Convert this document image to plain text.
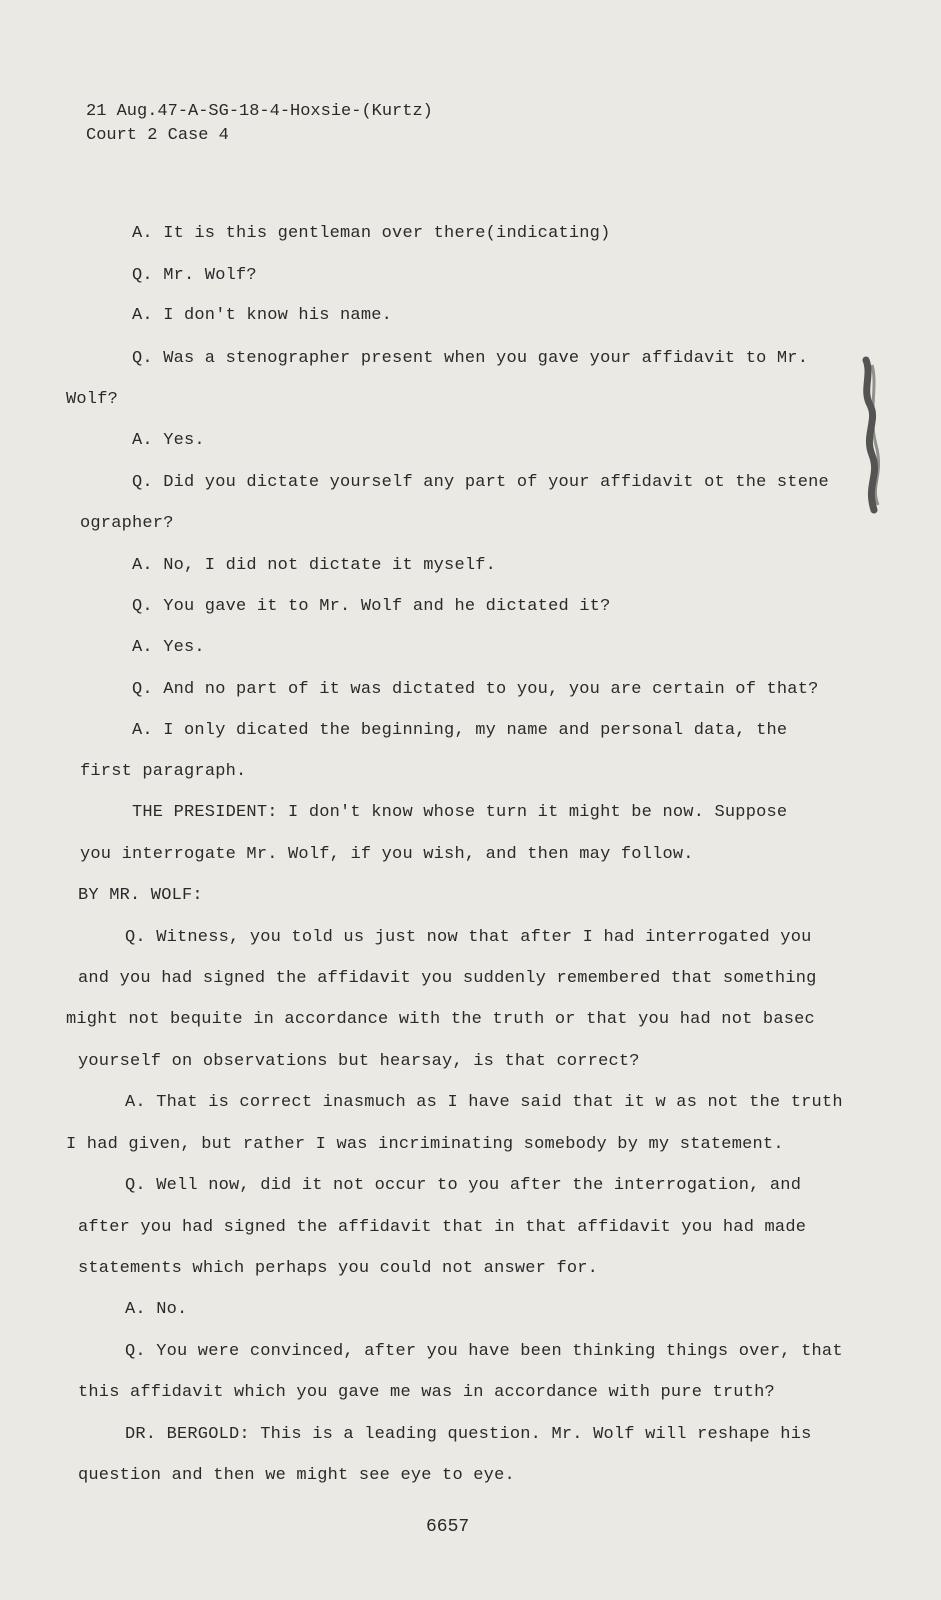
21 Aug.47-A-SG-18-4-Hoxsie-(Kurtz)
Court 2 Case 4
A. It is this gentleman over there(indicating)
Q. Mr. Wolf?
A. I don't know his name.
Q. Was a stenographer present when you gave your affidavit to Mr.
Wolf?
A. Yes.
Q. Did you dictate yourself any part of your affidavit ot the stene
ographer?
A. No, I did not dictate it myself.
Q. You gave it to Mr. Wolf and he dictated it?
A. Yes.
Q. And no part of it was dictated to you, you are certain of that?
A. I only dicated the beginning, my name and personal data, the
first paragraph.
THE PRESIDENT: I don't know whose turn it might be now. Suppose
you interrogate Mr. Wolf, if you wish, and then may follow.
BY MR. WOLF:
Q. Witness, you told us just now that after I had interrogated you
and you had signed the affidavit you suddenly remembered that something
might not bequite in accordance with the truth or that you had not basec
yourself on observations but hearsay, is that correct?
A. That is correct inasmuch as I have said that it w as not the truth
I had given, but rather I was incriminating somebody by my statement.
Q. Well now, did it not occur to you after the interrogation, and
after you had signed the affidavit that in that affidavit you had made
statements which perhaps you could not answer for.
A. No.
Q. You were convinced, after you have been thinking things over, that
this affidavit which you gave me was in accordance with pure truth?
DR. BERGOLD: This is a leading question. Mr. Wolf will reshape his
question and then we might see eye to eye.
6657
